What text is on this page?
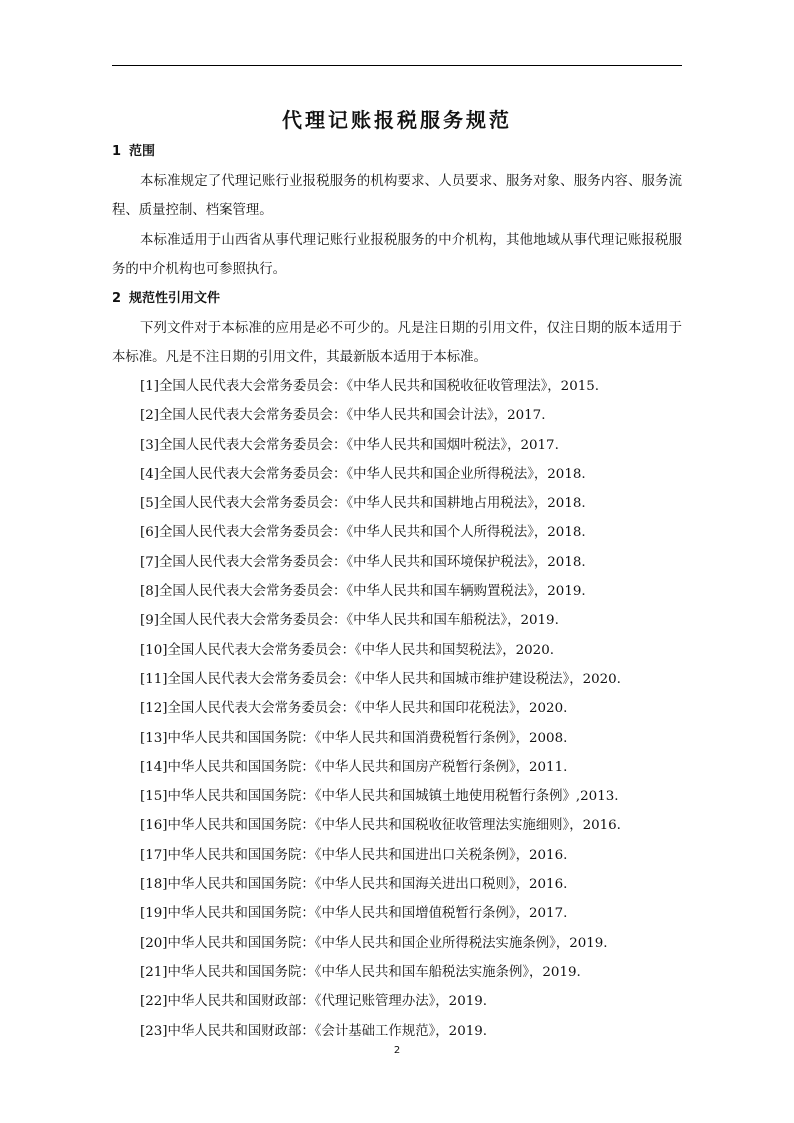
代理记账报税服务规范
1 范围

本标准规定了代理记账行业报税服务的机构要求、人员要求、服务对象、服务内容、服务流程、质量控制、档案管理。

本标准适用于山西省从事代理记账行业报税服务的中介机构，其他地域从事代理记账报税服务的中介机构也可参照执行。

2 规范性引用文件

下列文件对于本标准的应用是必不可少的。凡是注日期的引用文件，仅注日期的版本适用于本标准。凡是不注日期的引用文件，其最新版本适用于本标准。

[1]全国人民代表大会常务委员会：《中华人民共和国税收征收管理法》，2015.
[2]全国人民代表大会常务委员会：《中华人民共和国会计法》，2017.
[3]全国人民代表大会常务委员会：《中华人民共和国烟叶税法》，2017.
[4]全国人民代表大会常务委员会：《中华人民共和国企业所得税法》，2018.
[5]全国人民代表大会常务委员会：《中华人民共和国耕地占用税法》，2018.
[6]全国人民代表大会常务委员会：《中华人民共和国个人所得税法》，2018.
[7]全国人民代表大会常务委员会：《中华人民共和国环境保护税法》，2018.
[8]全国人民代表大会常务委员会：《中华人民共和国车辆购置税法》，2019.
[9]全国人民代表大会常务委员会：《中华人民共和国车船税法》，2019.
[10]全国人民代表大会常务委员会：《中华人民共和国契税法》，2020.
[11]全国人民代表大会常务委员会：《中华人民共和国城市维护建设税法》，2020.
[12]全国人民代表大会常务委员会：《中华人民共和国印花税法》，2020.
[13]中华人民共和国国务院：《中华人民共和国消费税暂行条例》，2008.
[14]中华人民共和国国务院：《中华人民共和国房产税暂行条例》，2011.
[15]中华人民共和国国务院：《中华人民共和国城镇土地使用税暂行条例》,2013.
[16]中华人民共和国国务院：《中华人民共和国税收征收管理法实施细则》，2016.
[17]中华人民共和国国务院：《中华人民共和国进出口关税条例》，2016.
[18]中华人民共和国国务院：《中华人民共和国海关进出口税则》，2016.
[19]中华人民共和国国务院：《中华人民共和国增值税暂行条例》，2017.
[20]中华人民共和国国务院：《中华人民共和国企业所得税法实施条例》，2019.
[21]中华人民共和国国务院：《中华人民共和国车船税法实施条例》，2019.
[22]中华人民共和国财政部：《代理记账管理办法》，2019.
[23]中华人民共和国财政部：《会计基础工作规范》，2019.
2
